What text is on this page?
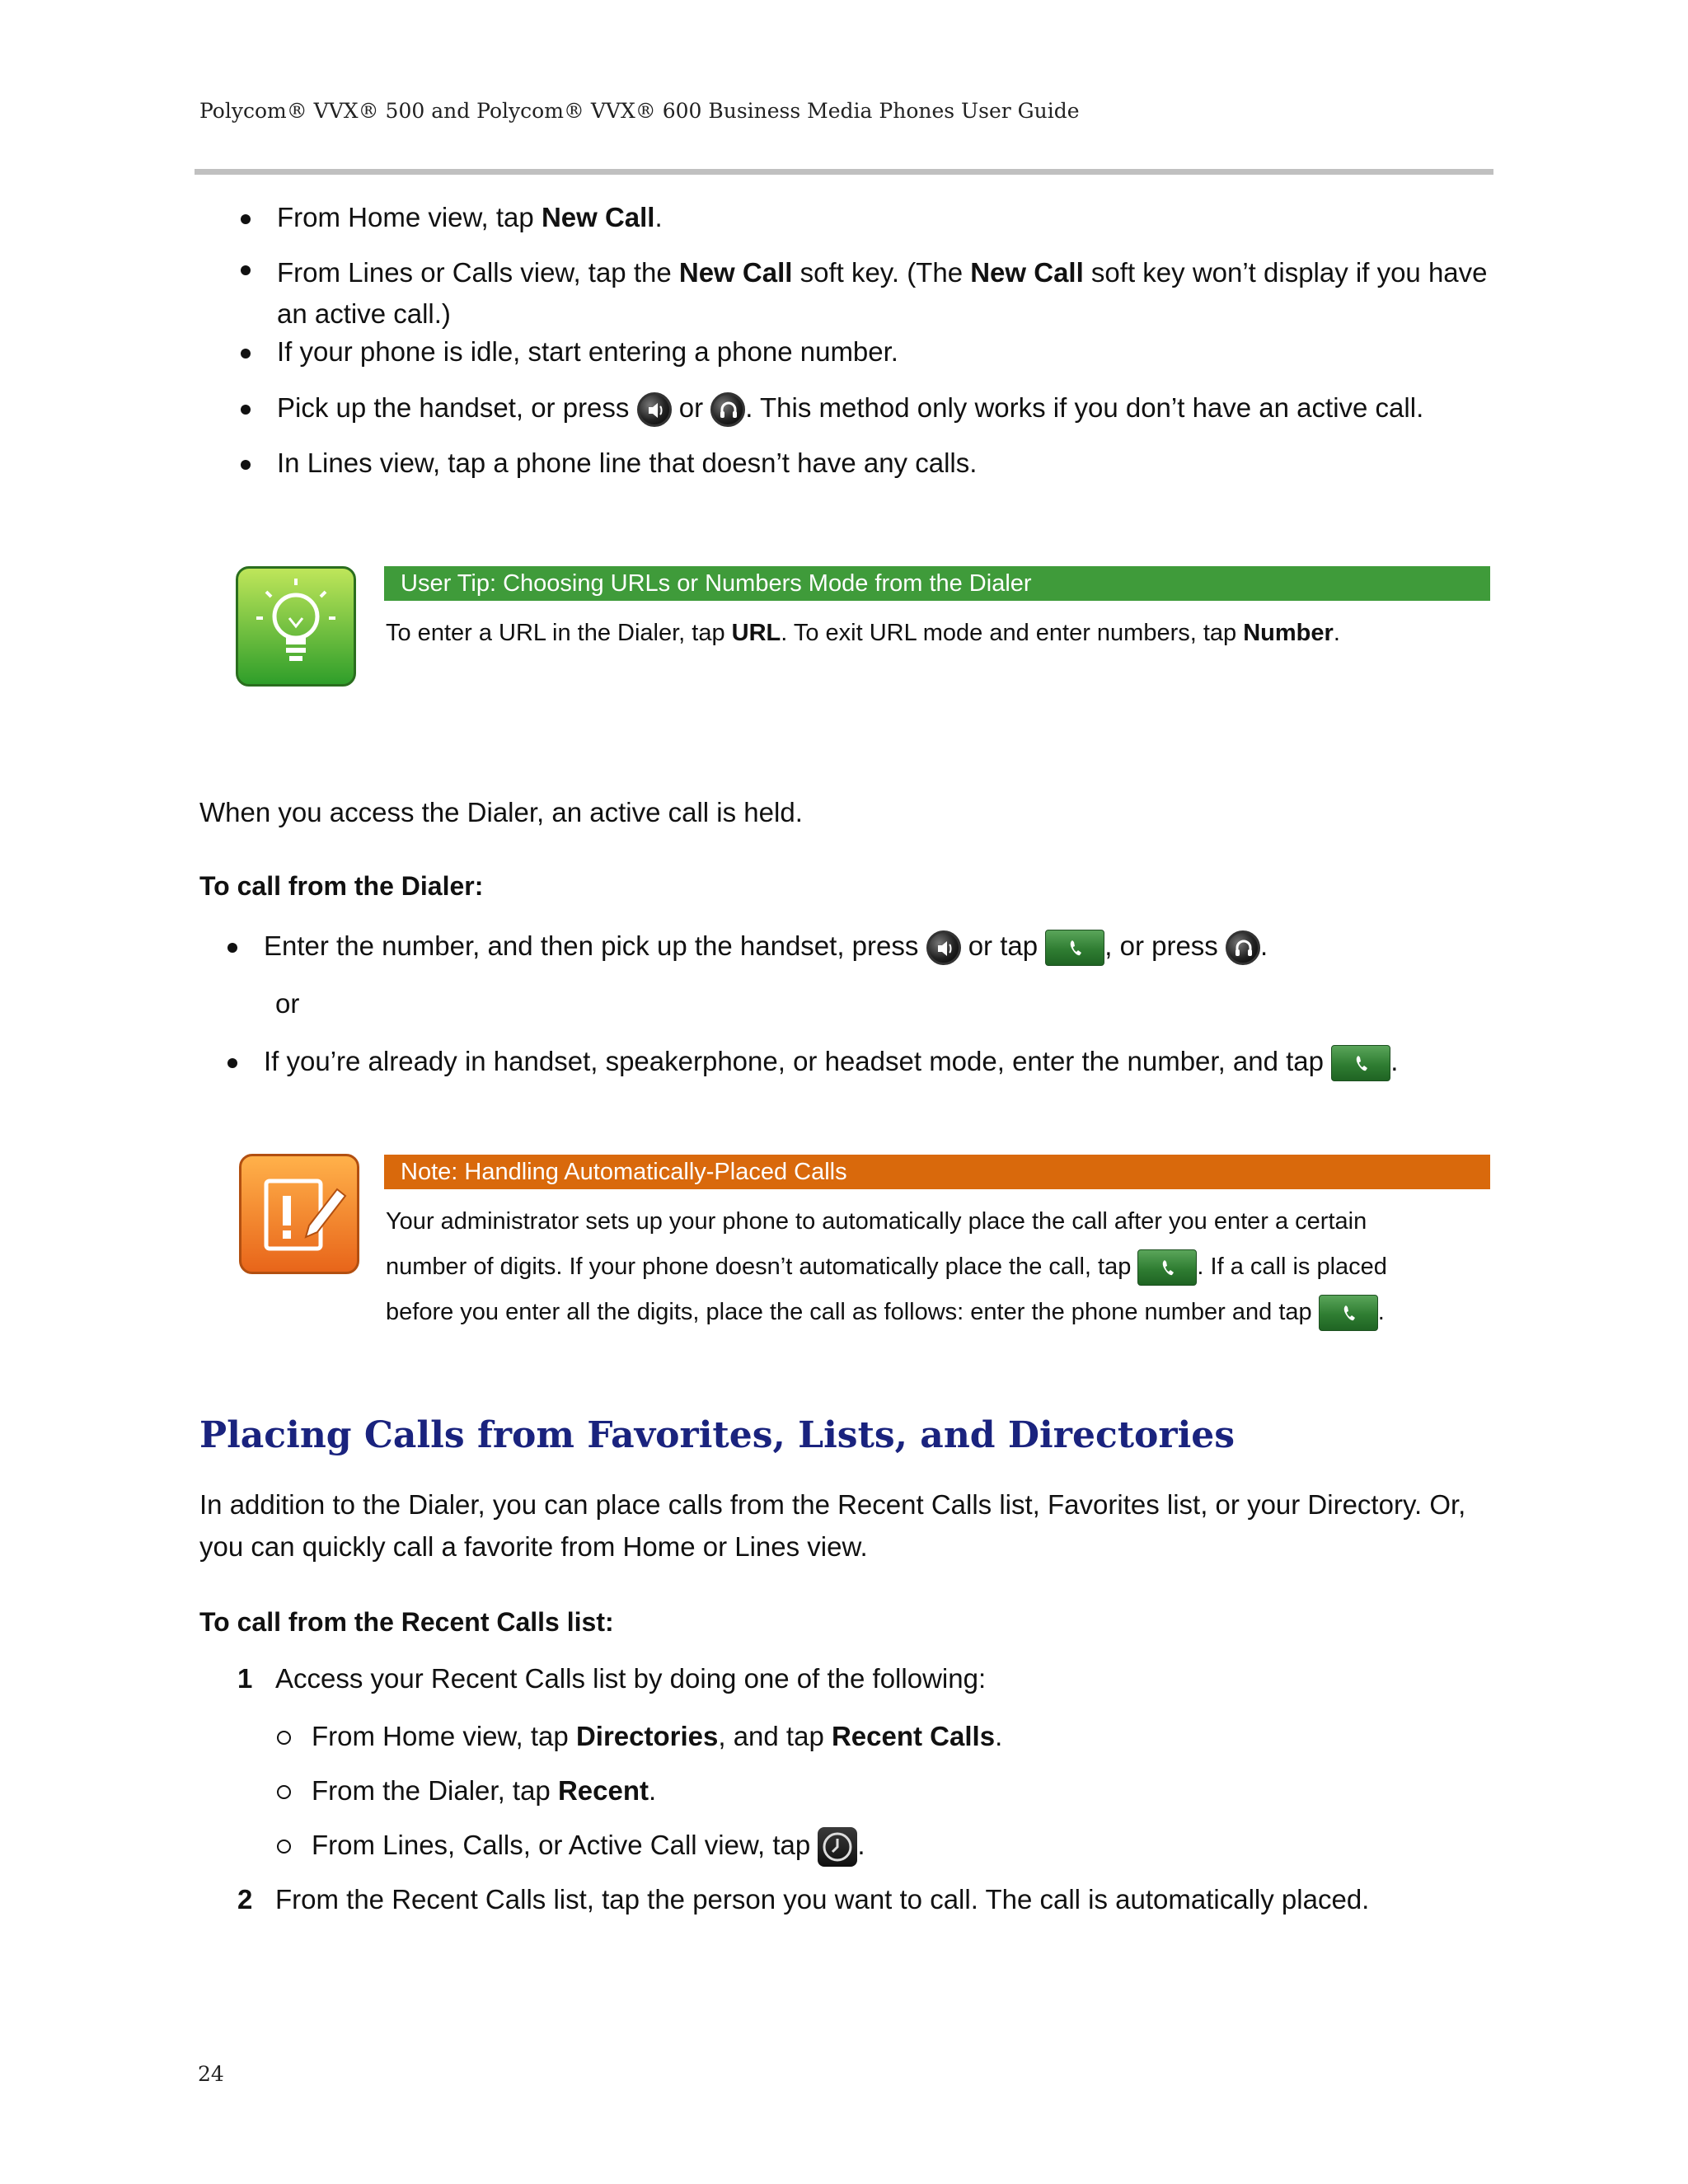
Polycom® VVX® 500 and Polycom® VVX® 600 Business Media Phones User Guide
From Home view, tap New Call.
From Lines or Calls view, tap the New Call soft key. (The New Call soft key won’t display if you have an active call.)
If your phone is idle, start entering a phone number.
Pick up the handset, or press
or
. This method only works if you don’t have an active call.
In Lines view, tap a phone line that doesn’t have any calls.
User Tip: Choosing URLs or Numbers Mode from the Dialer
To enter a URL in the Dialer, tap URL. To exit URL mode and enter numbers, tap Number.
When you access the Dialer, an active call is held.
To call from the Dialer:
Enter the number, and then pick up the handset, press
or tap
, or press
.
or
If you’re already in handset, speakerphone, or headset mode, enter the number, and tap
.
Note: Handling Automatically-Placed Calls
Your administrator sets up your phone to automatically place the call after you enter a certain
number of digits. If your phone doesn’t automatically place the call, tap
. If a call is placed
before you enter all the digits, place the call as follows: enter the phone number and tap
.
Placing Calls from Favorites, Lists, and Directories
In addition to the Dialer, you can place calls from the Recent Calls list, Favorites list, or your Directory. Or, you can quickly call a favorite from Home or Lines view.
To call from the Recent Calls list:
1 Access your Recent Calls list by doing one of the following:
From Home view, tap Directories, and tap Recent Calls.
From the Dialer, tap Recent.
From Lines, Calls, or Active Call view, tap
.
2 From the Recent Calls list, tap the person you want to call. The call is automatically placed.
24
